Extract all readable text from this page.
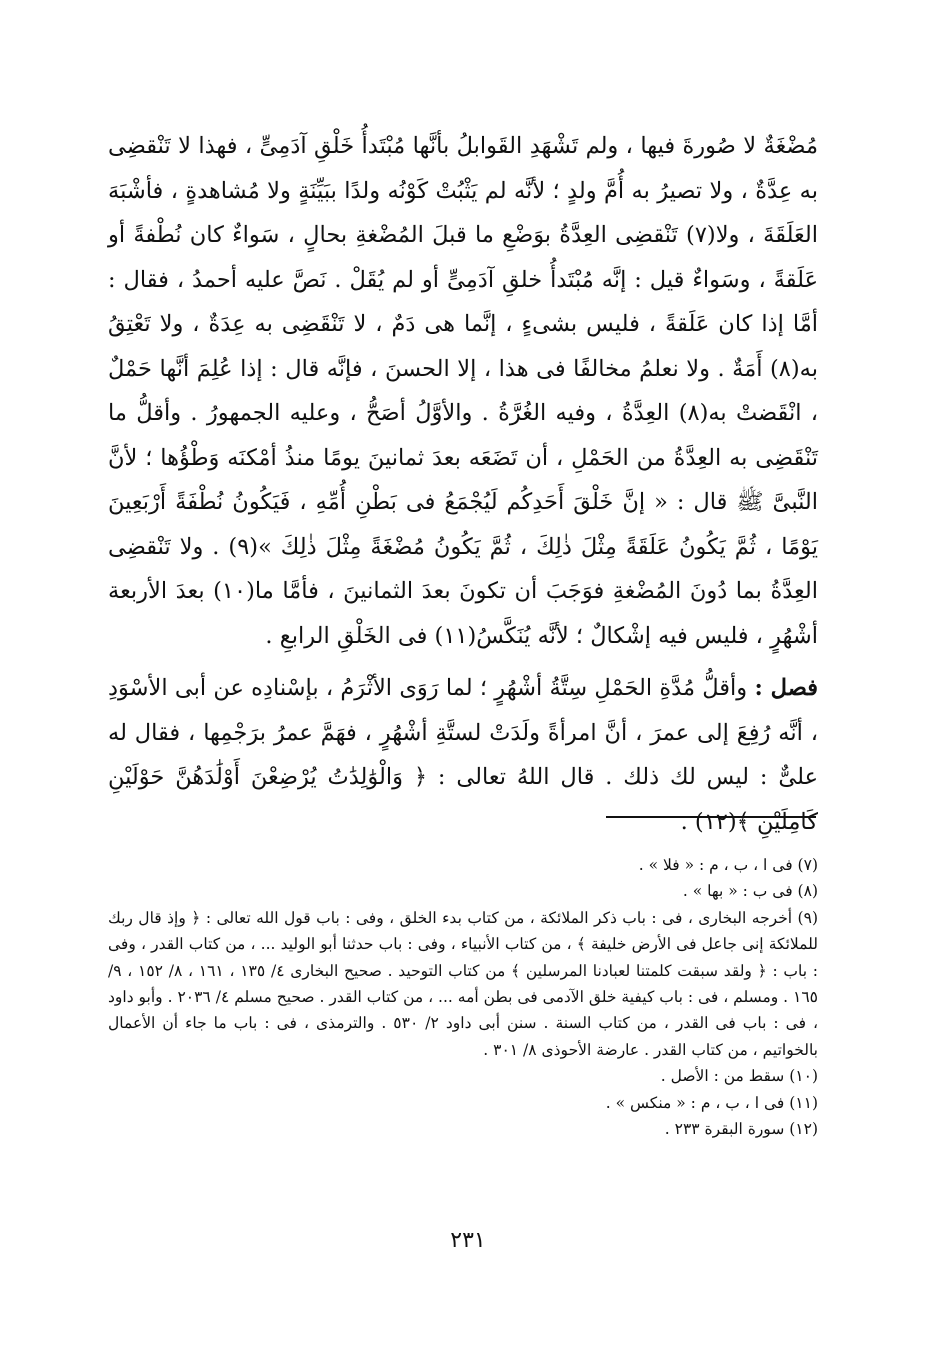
مُضْغَةٌ لا صُورةَ فيها ، ولم تَشْهَدِ القَوابلُ بأنَّها مُبْتَدأُ خَلْقِ آدَمِىٍّ ، فهذا لا تَنْقضِى به عِدَّةٌ ، ولا تصيرُ به أُمَّ ولدٍ ؛ لأنَّه لم يَثْبُتْ كَوْنُه ولدًا ببَيِّنَةٍ ولا مُشاهدةٍ ، فأشْبَهَ العَلَقَةَ ، ولا(٧) تَنْقضِى العِدَّةُ بوَضْعِ ما قبلَ المُضْغةِ بحالٍ ، سَواءٌ كان نُطْفةً أو عَلَقةً ، وسَواءٌ قيل : إنَّه مُبْتَدأُ خلقِ آدَمِىٍّ أو لم يُقَلْ . نَصَّ عليه أحمدُ ، فقال : أمَّا إذا كان عَلَقةً ، فليس بشىءٍ ، إنَّما هى دَمٌ ، لا تَنْقَضِى به عِدَةٌ ، ولا تَعْتِقُ به(٨) أَمَةٌ . ولا نعلمُ مخالفًا فى هذا ، إلا الحسنَ ، فإنَّه قال : إذا عُلِمَ أنَّها حَمْلٌ ، انْقَضتْ به(٨) العِدَّةُ ، وفيه الغُرَّةُ . والأوَّلُ أصَحُّ ، وعليه الجمهورُ . وأقلُّ ما تَنْقَضِى به العِدَّةُ من الحَمْلِ ، أن تَضَعَه بعدَ ثمانينَ يومًا منذُ أمْكنَه وَطْؤُها ؛ لأنَّ النَّبىَّ ﷺ قال : « إنَّ خَلْقَ أَحَدِكُم لَيُجْمَعُ فى بَطْنِ أُمِّهِ ، فَيَكُونُ نُطْفَةً أَرْبَعِينَ يَوْمًا ، ثُمَّ يَكُونُ عَلَقَةً مِثْلَ ذٰلِكَ ، ثُمَّ يَكُونُ مُضْغَةً مِثْلَ ذٰلِكَ »(٩) . ولا تَنْقضِى العِدَّةُ بما دُونَ المُضْغةِ فوَجَبَ أن تكونَ بعدَ الثمانينَ ، فأمَّا ما(١٠) بعدَ الأربعة أشْهُرٍ ، فليس فيه إشْكالٌ ؛ لأنَّه يُنَكَّسُ(١١) فى الخَلْقِ الرابعِ .

فصل : وأقلُّ مُدَّةِ الحَمْلِ سِتَّةُ أشْهُرٍ ؛ لما رَوَى الأثْرَمُ ، بإسْنادِه عن أبى الأسْوَدِ ، أنَّه رُفِعَ إلى عمرَ ، أنَّ امرأةً ولَدَتْ لستَّةِ أشْهُرٍ ، فهَمَّ عمرُ برَجْمِها ، فقال له علىٌّ : ليس لك ذلك . قال اللهُ تعالى : ﴿ وَالْوَٰلِدَٰتُ يُرْضِعْنَ أَوْلَٰدَهُنَّ حَوْلَيْنِ كَامِلَيْنِ ﴾(١٢) .

(٧) فى ا ، ب ، م : « فلا » .

(٨) فى ب : « بها » .

(٩) أخرجه البخارى ، فى : باب ذكر الملائكة ، من كتاب بدء الخلق ، وفى : باب قول الله تعالى : ﴿ وإذ قال ربك للملائكة إنى جاعل فى الأرض خليفة ﴾ ، من كتاب الأنبياء ، وفى : باب حدثنا أبو الوليد ... ، من كتاب القدر ، وفى : باب : ﴿ ولقد سبقت كلمتنا لعبادنا المرسلين ﴾ من كتاب التوحيد . صحيح البخارى ٤/ ١٣٥ ، ١٦١ ، ٨/ ١٥٢ ، ٩/ ١٦٥ . ومسلم ، فى : باب كيفية خلق الآدمى فى بطن أمه ... ، من كتاب القدر . صحيح مسلم ٤/ ٢٠٣٦ . وأبو داود ، فى : باب فى القدر ، من كتاب السنة . سنن أبى داود ٢/ ٥٣٠ . والترمذى ، فى : باب ما جاء أن الأعمال بالخواتيم ، من كتاب القدر . عارضة الأحوذى ٨/ ٣٠١ .

(١٠) سقط من : الأصل .

(١١) فى ا ، ب ، م : « منكس » .

(١٢) سورة البقرة ٢٣٣ .

٢٣١
